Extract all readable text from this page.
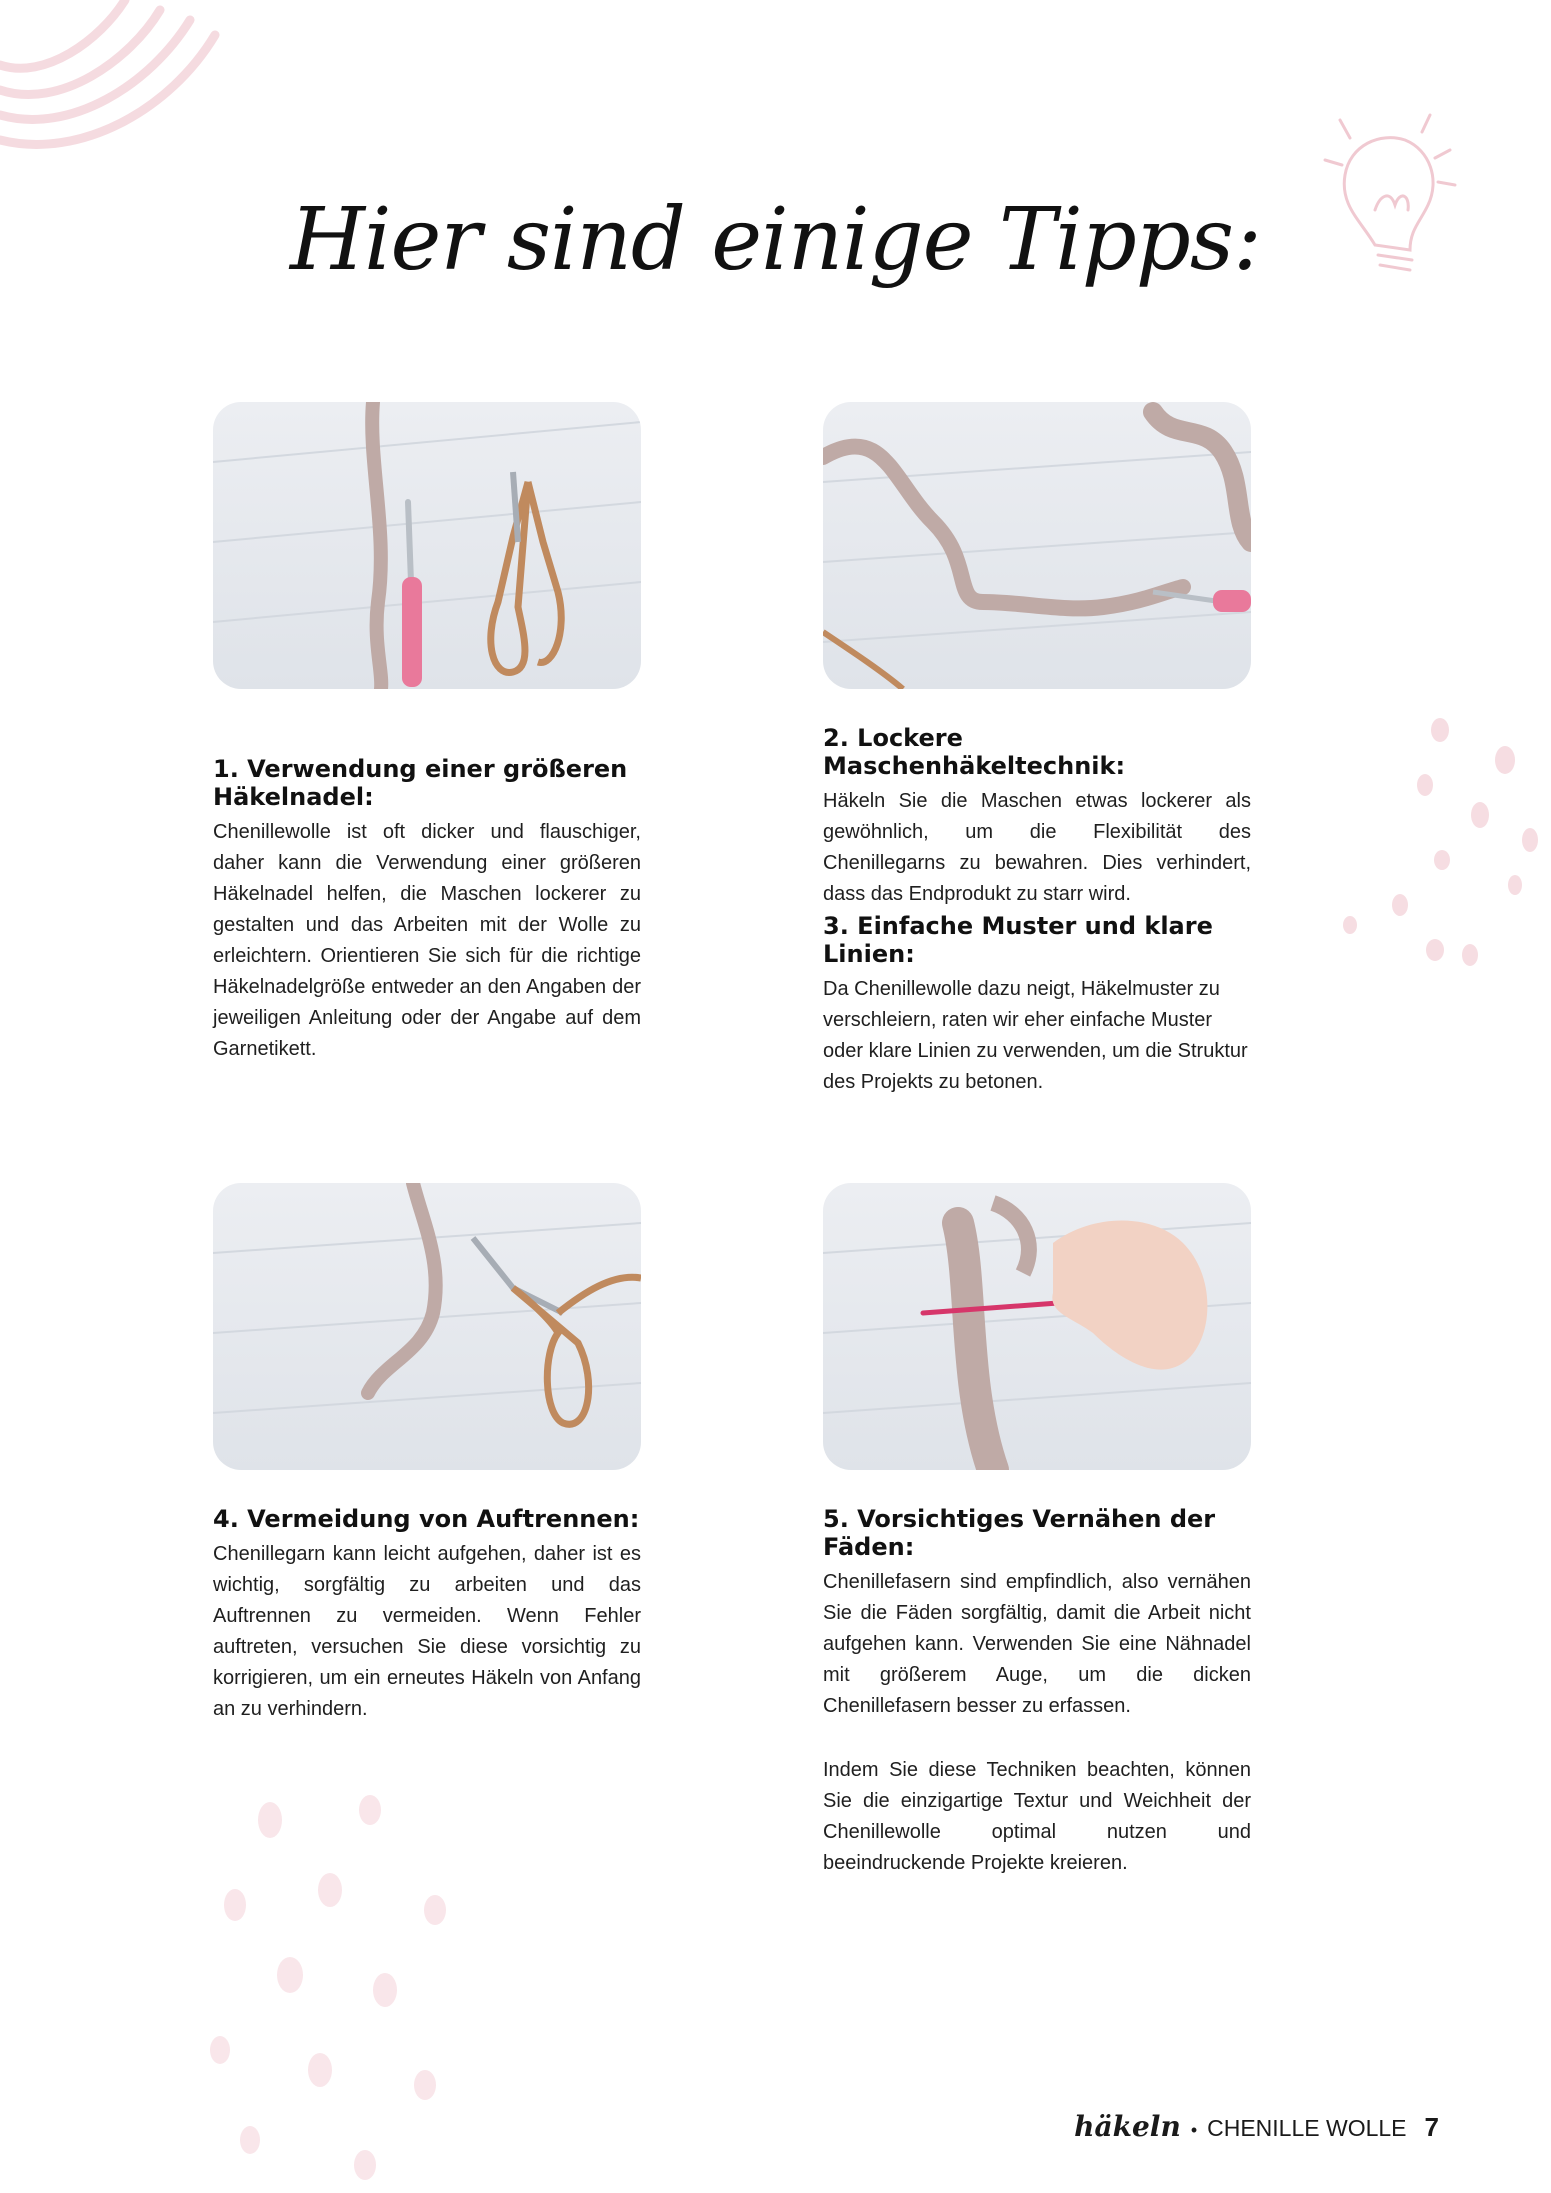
Hier sind einige Tipps:
1. Verwendung einer größeren Häkelnadel:

Chenillewolle ist oft dicker und flauschiger, daher kann die Verwendung einer größeren Häkelnadel helfen, die Maschen lockerer zu gestalten und das Arbeiten mit der Wolle zu erleichtern. Orientieren Sie sich für die richtige Häkelnadelgröße entweder an den Angaben der jeweiligen Anleitung oder der Angabe auf dem Garnetikett.

2. Lockere Maschenhäkeltechnik:

Häkeln Sie die Maschen etwas lockerer als gewöhnlich, um die Flexibilität des Chenillegarns zu bewahren. Dies verhindert, dass das Endprodukt zu starr wird.

3. Einfache Muster und klare Linien:

Da Chenillewolle dazu neigt, Häkelmuster zu verschleiern, raten wir eher einfache Muster oder klare Linien zu verwenden, um die Struktur des Projekts zu betonen.

4. Vermeidung von Auftrennen:

Chenillegarn kann leicht aufgehen, daher ist es wichtig, sorgfältig zu arbeiten und das Auftrennen zu vermeiden. Wenn Fehler auftreten, versuchen Sie diese vorsichtig zu korrigieren, um ein erneutes Häkeln von Anfang an zu verhindern.

5. Vorsichtiges Vernähen der Fäden:

Chenillefasern sind empfindlich, also vernähen Sie die Fäden sorgfältig, damit die Arbeit nicht aufgehen kann. Verwenden Sie eine Nähnadel mit größerem Auge, um die dicken Chenillefasern besser zu erfassen.

Indem Sie diese Techniken beachten, können Sie die einzigartige Textur und Weichheit der Chenillewolle optimal nutzen und beeindruckende Projekte kreieren.

häkeln • CHENILLE WOLLE 7
